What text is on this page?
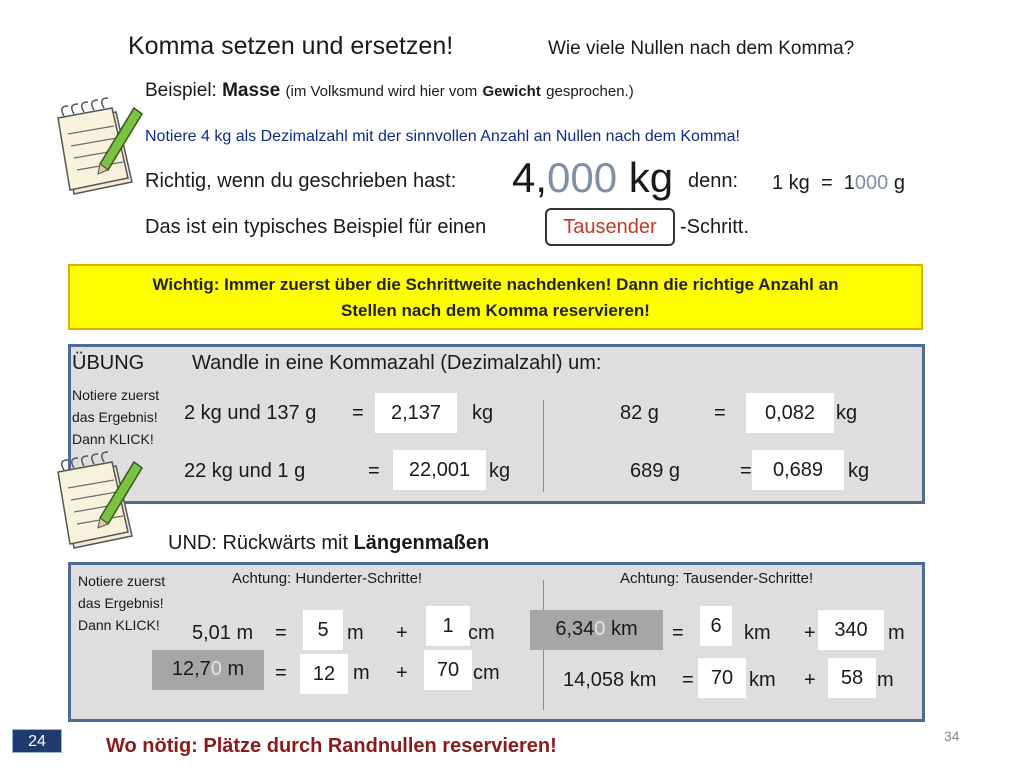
Komma setzen und ersetzen!	Wie viele Nullen nach dem Komma?
Beispiel: Masse (im Volksmund wird hier vom Gewicht gesprochen.)
Notiere 4 kg als Dezimalzahl mit der sinnvollen Anzahl an Nullen nach dem Komma!
Richtig, wenn du geschrieben hast: 4,000 kg denn: 1 kg = 1000 g
Das ist ein typisches Beispiel für einen	Tausender	-Schritt.
Wichtig: Immer zuerst über die Schrittweite nachdenken! Dann die richtige Anzahl an
Stellen nach dem Komma reservieren!
ÜBUNG Wandle in eine Kommazahl (Dezimalzahl) um:
Notiere zuerst
das Ergebnis!
Dann KLICK!
2 kg und 137 g =	2,137	kg	82 g	=	0,082	kg
22 kg und 1 g	=	22,001 kg	689 g	=	0,689	kg
UND: Rückwärts mit Längenmaßen
Notiere zuerst
das Ergebnis!
Dann KLICK!
Achtung: Hunderter-Schritte!	Achtung: Tausender-Schritte!
5,01 m =	5 m +	1 cm
12,70 m	=	12 m +	70 cm
6,340 km	=	6	km + 340	m
14,058 km = 70 km +	58 m
24	Wo nötig: Plätze durch Randnullen reservieren!	34
